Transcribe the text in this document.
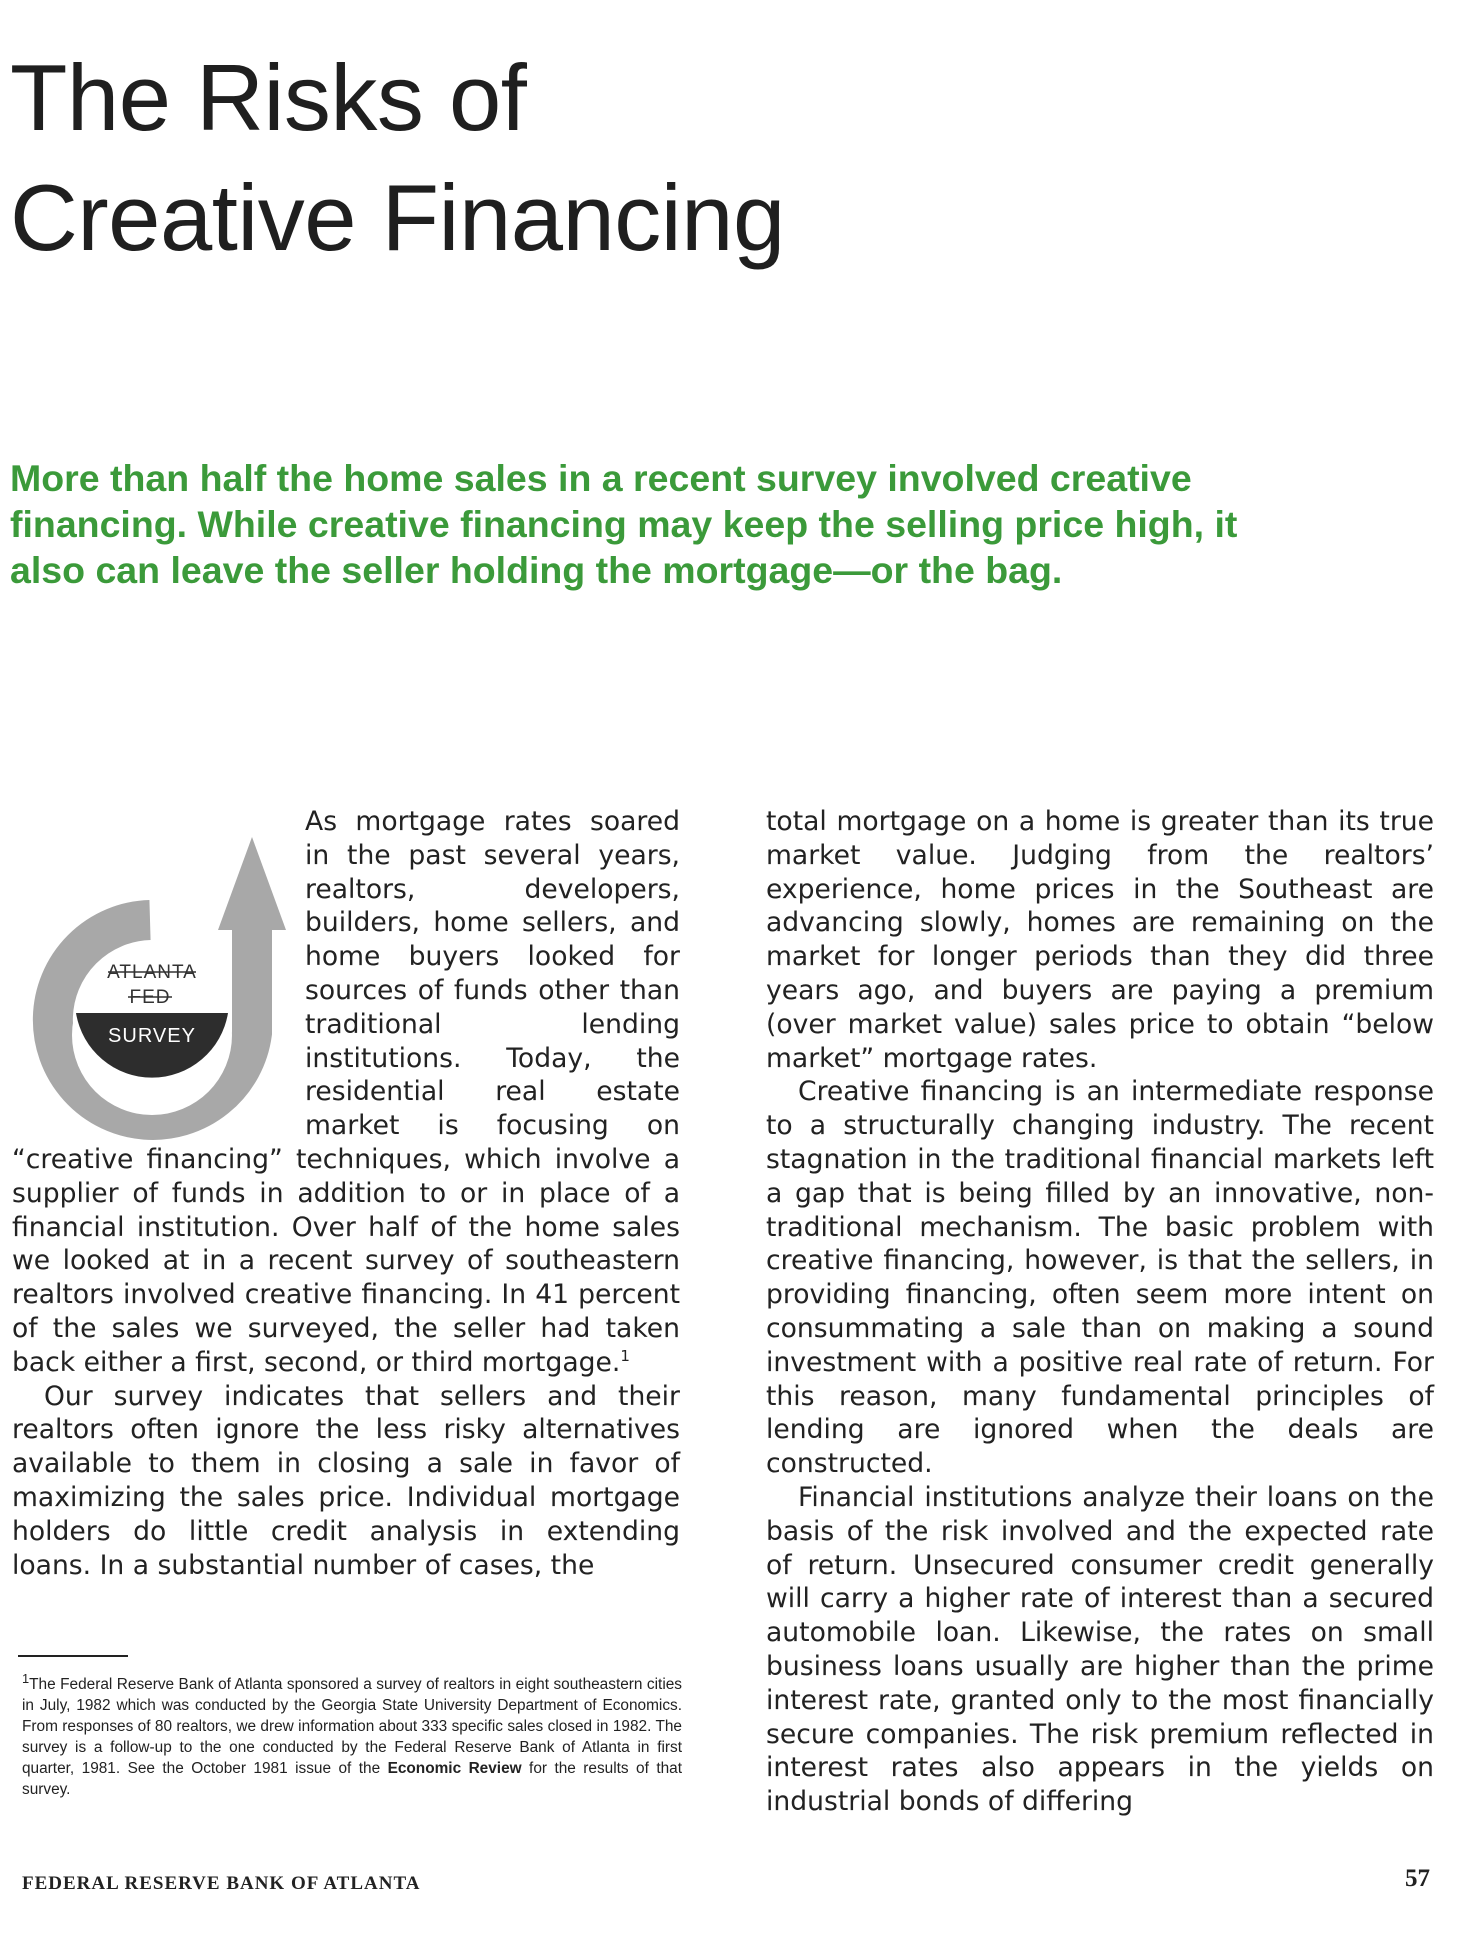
The Risks of
Creative Financing

More than half the home sales in a recent survey involved creative financing. While creative financing may keep the selling price high, it also can leave the seller holding the mortgage—or the bag.

ATLANTA
FED
SURVEY

As mortgage rates soared in the past several years, realtors, developers, builders, home sellers, and home buyers looked for sources of funds other than traditional lending institutions. Today, the residential real estate market is focusing on “creative financing” techniques, which involve a supplier of funds in addition to or in place of a financial institution. Over half of the home sales we looked at in a recent survey of southeastern realtors involved creative financing. In 41 percent of the sales we surveyed, the seller had taken back either a first, second, or third mortgage.$^1$

Our survey indicates that sellers and their realtors often ignore the less risky alternatives available to them in closing a sale in favor of maximizing the sales price. Individual mortgage holders do little credit analysis in extending loans. In a substantial number of cases, the

total mortgage on a home is greater than its true market value. Judging from the realtors’ experience, home prices in the Southeast are advancing slowly, homes are remaining on the market for longer periods than they did three years ago, and buyers are paying a premium (over market value) sales price to obtain “below market” mortgage rates.

Creative financing is an intermediate response to a structurally changing industry. The recent stagnation in the traditional financial markets left a gap that is being filled by an innovative, non-traditional mechanism. The basic problem with creative financing, however, is that the sellers, in providing financing, often seem more intent on consummating a sale than on making a sound investment with a positive real rate of return. For this reason, many fundamental principles of lending are ignored when the deals are constructed.

Financial institutions analyze their loans on the basis of the risk involved and the expected rate of return. Unsecured consumer credit generally will carry a higher rate of interest than a secured automobile loan. Likewise, the rates on small business loans usually are higher than the prime interest rate, granted only to the most financially secure companies. The risk premium reflected in interest rates also appears in the yields on industrial bonds of differing

$^1$The Federal Reserve Bank of Atlanta sponsored a survey of realtors in eight southeastern cities in July, 1982 which was conducted by the Georgia State University Department of Economics. From responses of 80 realtors, we drew information about 333 specific sales closed in 1982. The survey is a follow-up to the one conducted by the Federal Reserve Bank of Atlanta in first quarter, 1981. See the October 1981 issue of the Economic Review for the results of that survey.

FEDERAL RESERVE BANK OF ATLANTA	57
